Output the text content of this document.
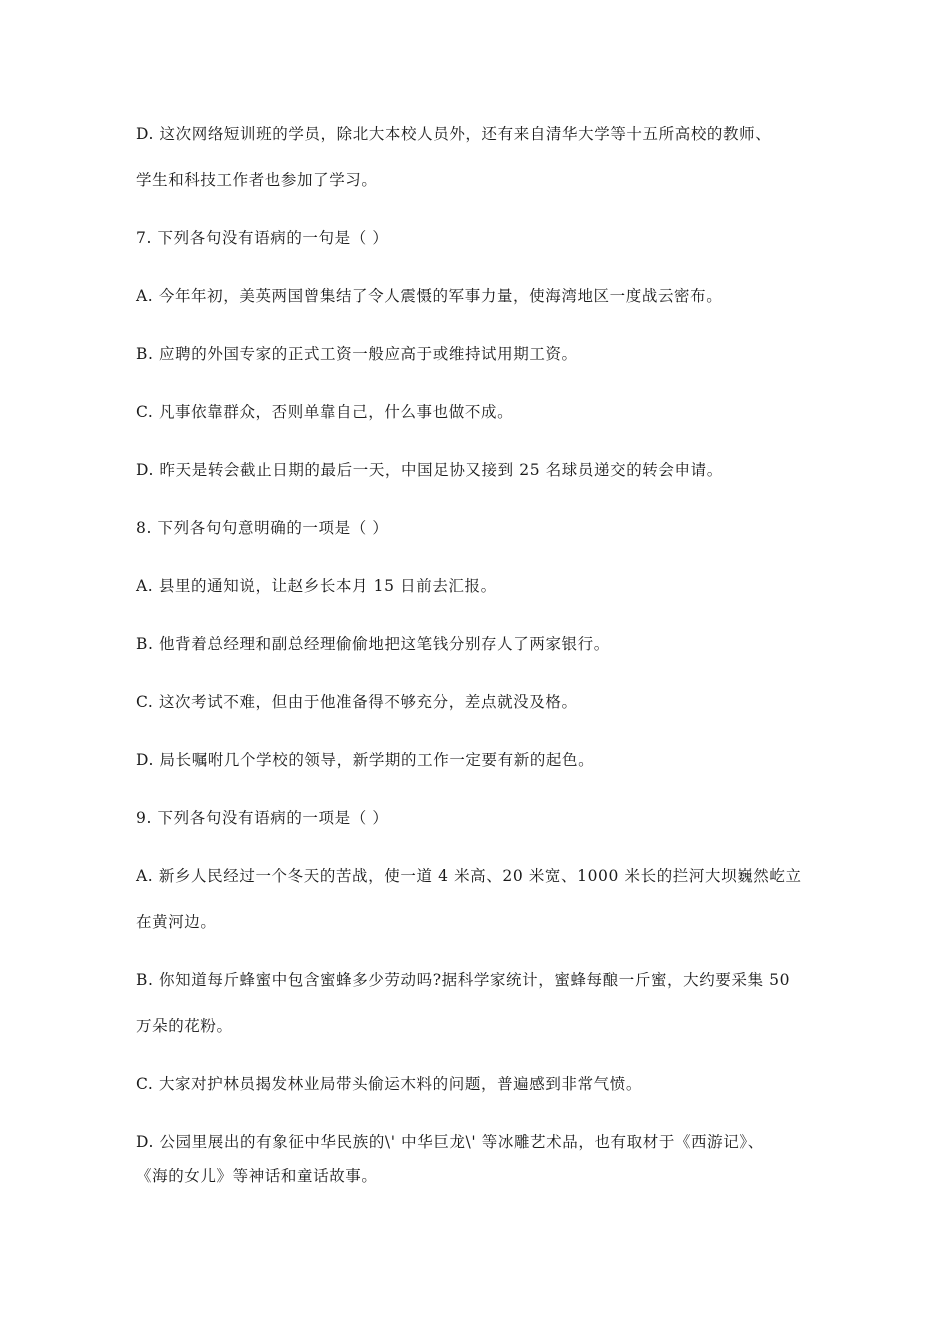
D. 这次网络短训班的学员，除北大本校人员外，还有来自清华大学等十五所高校的教师、
学生和科技工作者也参加了学习。
7. 下列各句没有语病的一句是（ ）
A. 今年年初，美英两国曾集结了令人震慑的军事力量，使海湾地区一度战云密布。
B. 应聘的外国专家的正式工资一般应高于或维持试用期工资。
C. 凡事依靠群众，否则单靠自己，什么事也做不成。
D. 昨天是转会截止日期的最后一天，中国足协又接到 25 名球员递交的转会申请。
8. 下列各句句意明确的一项是（ ）
A. 县里的通知说，让赵乡长本月 15 日前去汇报。
B. 他背着总经理和副总经理偷偷地把这笔钱分别存人了两家银行。
C. 这次考试不难，但由于他准备得不够充分，差点就没及格。
D. 局长嘱咐几个学校的领导，新学期的工作一定要有新的起色。
9. 下列各句没有语病的一项是（ ）
A. 新乡人民经过一个冬天的苦战，使一道 4 米高、20 米宽、1000 米长的拦河大坝巍然屹立
在黄河边。
B. 你知道每斤蜂蜜中包含蜜蜂多少劳动吗?据科学家统计，蜜蜂每酿一斤蜜，大约要采集 50
万朵的花粉。
C. 大家对护林员揭发林业局带头偷运木料的问题，普遍感到非常气愤。
D. 公园里展出的有象征中华民族的\' 中华巨龙\' 等冰雕艺术品，也有取材于《西游记》、
《海的女儿》等神话和童话故事。
